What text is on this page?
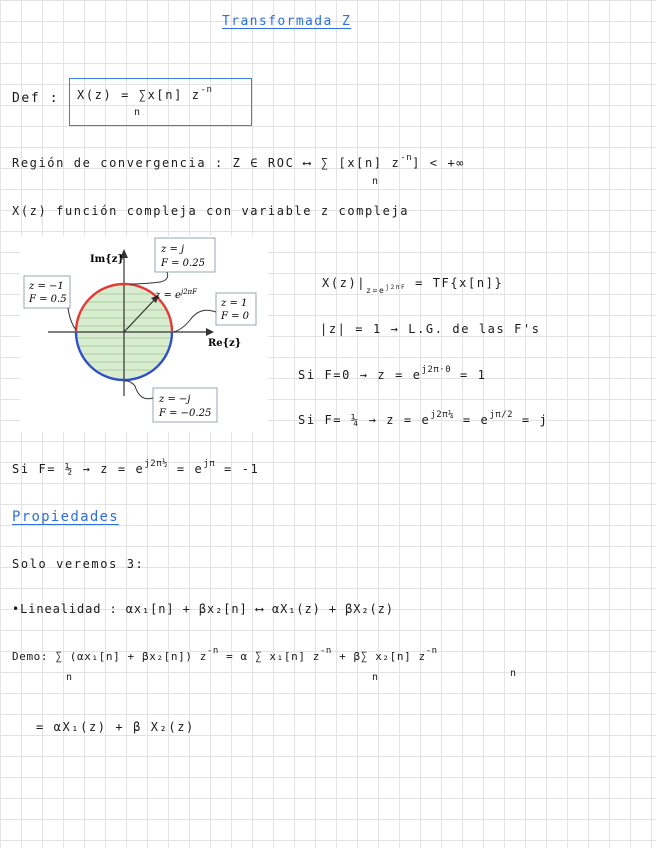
Transformada Z
Def : X(z) = ∑x[n] $z^{-n}$
n
Región de convergencia : Z ∈ ROC ⟷ ∑ [x[n] $z^{-n}$] < +∞
n
X(z) función compleja con variable z compleja
$z = e^{j2\pi F}$
Im{z}
Re{z}
z = j
F = 0.25
z = −1
F = 0.5	z = 1
F = 0
z = −j
F = −0.25
$X(z)|_{z=e^{j2\pi F}} = TF\{x[n]\}$
|z| = 1 → L.G. de las F's
Si $F=0 \to z = e^{j2\pi\cdot 0} = 1$
Si F= ¼ → $z = e^{j2\pi\frac{1}{4}} = e^{j\pi/2} = j$
Si F= ½ → $z = e^{j2\pi\frac{1}{2}} = e^{j\pi} = -1$
Propiedades
Solo veremos 3:
•Linealidad : αx₁[n] + βx₂[n] ⟷ αX₁(z) + βX₂(z)
Demo: ∑ (αx₁[n] + βx₂[n]) $z^{-n} = \alpha$ ∑ x₁[n] $z^{-n} + \beta\sum$ x₂[n] $z^{-n}$
n	n	n
= αX₁(z) + β X₂(z)
